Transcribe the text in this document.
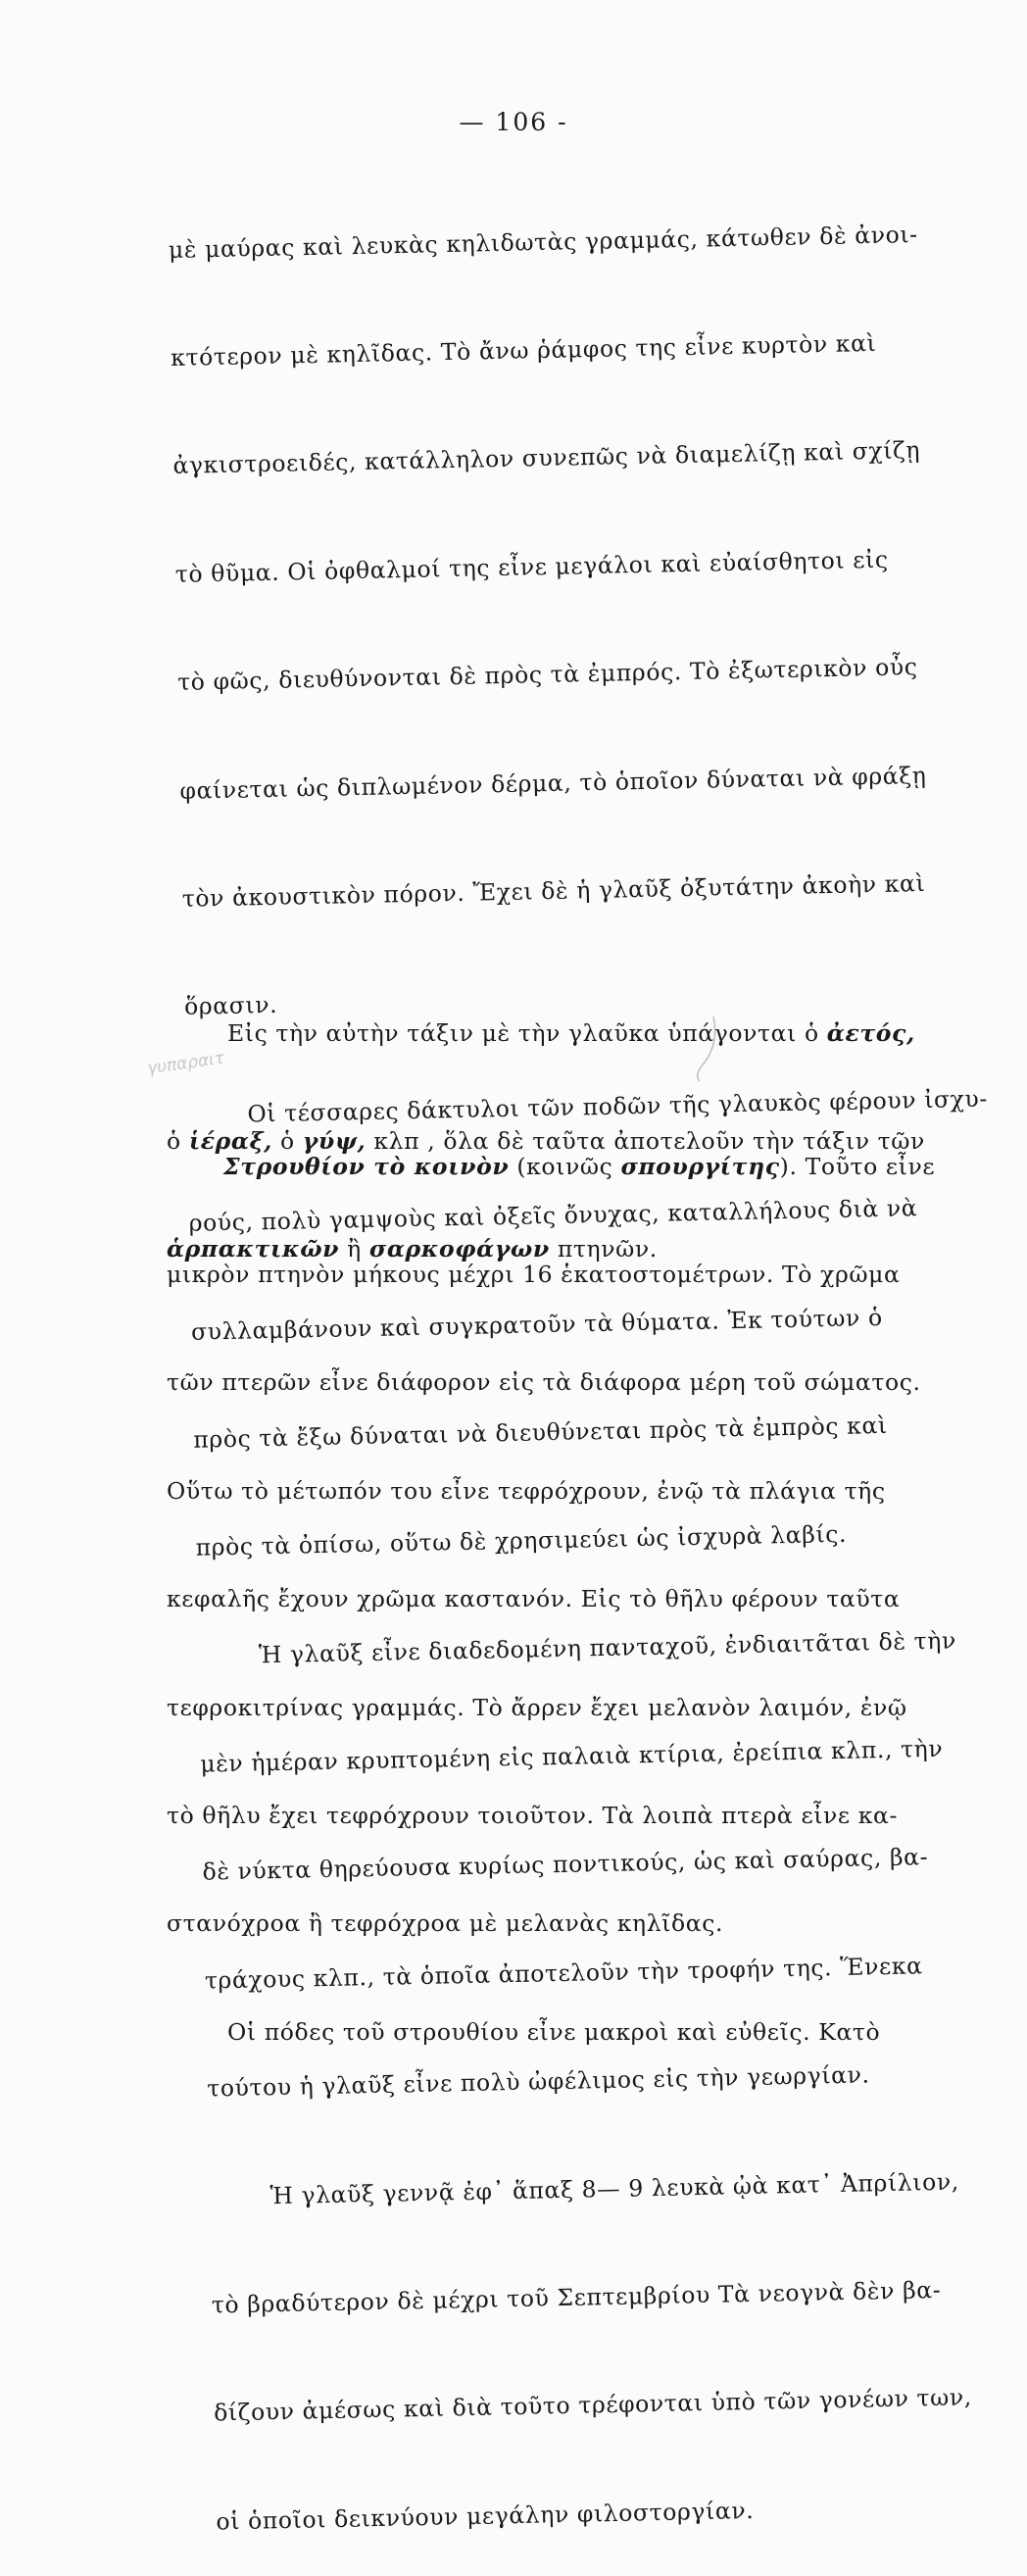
— 106 -

μὲ μαύρας καὶ λευκὰς κηλιδωτὰς γραμμάς, κάτωθεν δὲ ἀνοι-

κτότερον μὲ κηλῖδας. Τὸ ἄνω ῥάμφος της εἶνε κυρτὸν καὶ

ἀγκιστροειδές, κατάλληλον συνεπῶς νὰ διαμελίζῃ καὶ σχίζῃ

τὸ θῦμα. Οἱ ὀφθαλμοί της εἶνε μεγάλοι καὶ εὐαίσθητοι εἰς

τὸ φῶς, διευθύνονται δὲ πρὸς τὰ ἐμπρός. Τὸ ἐξωτερικὸν οὖς

φαίνεται ὡς διπλωμένον δέρμα, τὸ ὁποῖον δύναται νὰ φράξῃ

τὸν ἀκουστικὸν πόρον. Ἔχει δὲ ἡ γλαῦξ ὀξυτάτην ἀκοὴν καὶ

ὅρασιν.

Οἱ τέσσαρες δάκτυλοι τῶν ποδῶν τῆς γλαυκὸς φέρουν ἰσχυ-

ρούς, πολὺ γαμψοὺς καὶ ὀξεῖς ὄνυχας, καταλλήλους διὰ νὰ

συλλαμβάνουν καὶ συγκρατοῦν τὰ θύματα. Ἐκ τούτων ὁ

πρὸς τὰ ἔξω δύναται νὰ διευθύνεται πρὸς τὰ ἐμπρὸς καὶ

πρὸς τὰ ὀπίσω, οὕτω δὲ χρησιμεύει ὡς ἰσχυρὰ λαβίς.

Ἡ γλαῦξ εἶνε διαδεδομένη πανταχοῦ, ἐνδιαιτᾶται δὲ τὴν

μὲν ἡμέραν κρυπτομένη εἰς παλαιὰ κτίρια, ἐρείπια κλπ., τὴν

δὲ νύκτα θηρεύουσα κυρίως ποντικούς, ὡς καὶ σαύρας, βα-

τράχους κλπ., τὰ ὁποῖα ἀποτελοῦν τὴν τροφήν της. Ἕνεκα

τούτου ἡ γλαῦξ εἶνε πολὺ ὠφέλιμος εἰς τὴν γεωργίαν.

Ἡ γλαῦξ γεννᾷ ἐφ᾽ ἅπαξ 8— 9 λευκὰ ᾠὰ κατ᾽ Ἀπρίλιον,

τὸ βραδύτερον δὲ μέχρι τοῦ Σεπτεμβρίου Τὰ νεογνὰ δὲν βα-

δίζουν ἀμέσως καὶ διὰ τοῦτο τρέφονται ὑπὸ τῶν γονέων των,

οἱ ὁποῖοι δεικνύουν μεγάλην φιλοστοργίαν.

Εἰς τὴν αὐτὴν τάξιν μὲ τὴν γλαῦκα ὑπάγονται ὁ ἀετός,

ὁ ἱέραξ, ὁ γύψ, κλπ , ὅλα δὲ ταῦτα ἀποτελοῦν τὴν τάξιν τῶν

ἁρπακτικῶν ἢ σαρκοφάγων πτηνῶν.

γυπαραιτ

Στρουθίον τὸ κοινὸν (κοινῶς σπουργίτης). Τοῦτο εἶνε

μικρὸν πτηνὸν μήκους μέχρι 16 ἑκατοστομέτρων. Τὸ χρῶμα

τῶν πτερῶν εἶνε διάφορον εἰς τὰ διάφορα μέρη τοῦ σώματος.

Οὕτω τὸ μέτωπόν του εἶνε τεφρόχρουν, ἐνῷ τὰ πλάγια τῆς

κεφαλῆς ἔχουν χρῶμα καστανόν. Εἰς τὸ θῆλυ φέρουν ταῦτα

τεφροκιτρίνας γραμμάς. Τὸ ἄρρεν ἔχει μελανὸν λαιμόν, ἐνῷ

τὸ θῆλυ ἔχει τεφρόχρουν τοιοῦτον. Τὰ λοιπὰ πτερὰ εἶνε κα-

στανόχροα ἢ τεφρόχροα μὲ μελανὰς κηλῖδας.

Οἱ πόδες τοῦ στρουθίου εἶνε μακροὶ καὶ εὐθεῖς. Κατὸ
